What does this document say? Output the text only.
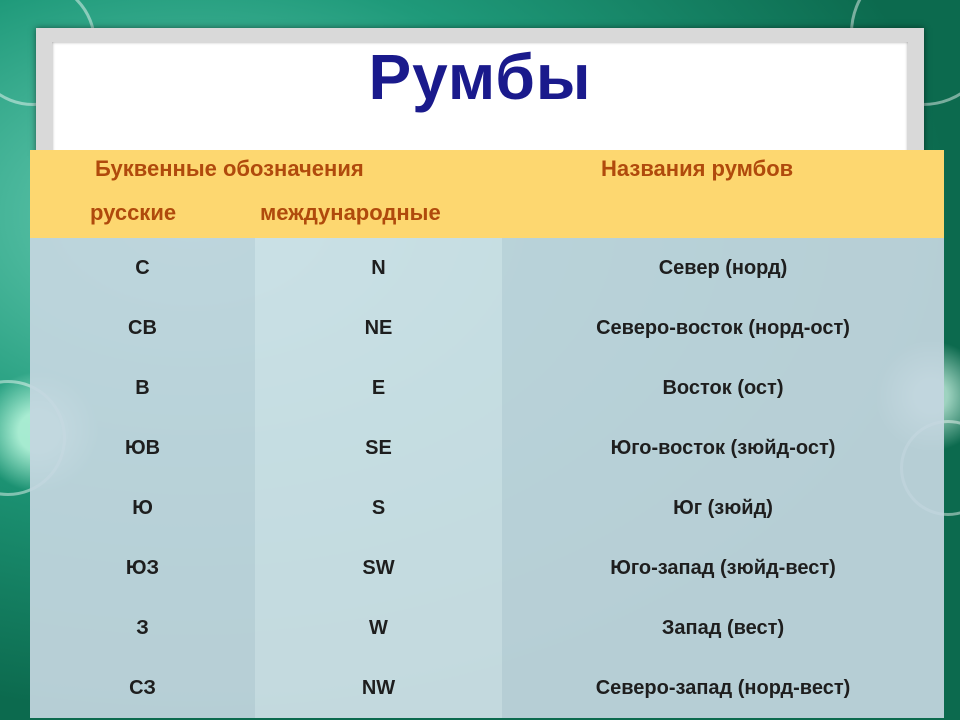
Румбы
Буквенные обозначения
русские	международные
Названия румбов
С	N	Север (норд)
СВ	NE	Северо-восток (норд-ост)
В	E	Восток (ост)
ЮВ	SE	Юго-восток (зюйд-ост)
Ю	S	Юг (зюйд)
ЮЗ	SW	Юго-запад (зюйд-вест)
З	W	Запад (вест)
СЗ	NW	Северо-запад (норд-вест)
